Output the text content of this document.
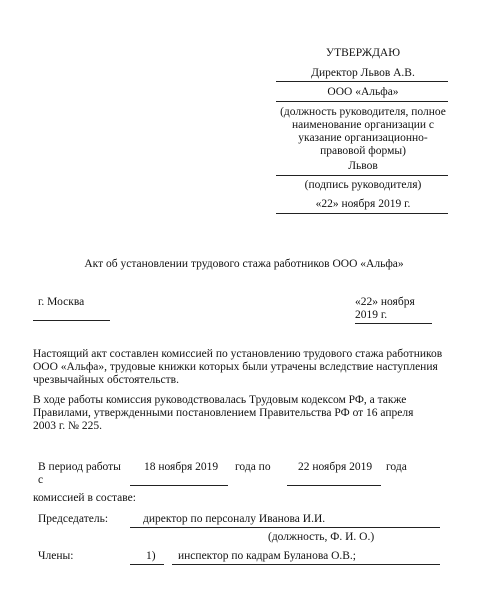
УТВЕРЖДАЮ
Директор Львов А.В.
ООО «Альфа»
(должность руководителя, полное
наименование организации с
указание организационно-
правовой формы)
Львов
(подпись руководителя)
«22» ноября 2019 г.
Акт об установлении трудового стажа работников ООО «Альфа»
г. Москва	«22» ноября
2019 г.
Настоящий акт составлен комиссией по установлению трудового стажа работников
ООО «Альфа», трудовые книжки которых были утрачены вследствие наступления
чрезвычайных обстоятельств.
В ходе работы комиссия руководствовалась Трудовым кодексом РФ, а также
Правилами, утвержденными постановлением Правительства РФ от 16 апреля
2003 г. № 225.
В период работы
с
18 ноября 2019 года по 22 ноября 2019 года
комиссией в составе:
Председатель:	директор по персоналу Иванова И.И.
(должность, Ф. И. О.)
Члены:	1) инспектор по кадрам Буланова О.В.;
